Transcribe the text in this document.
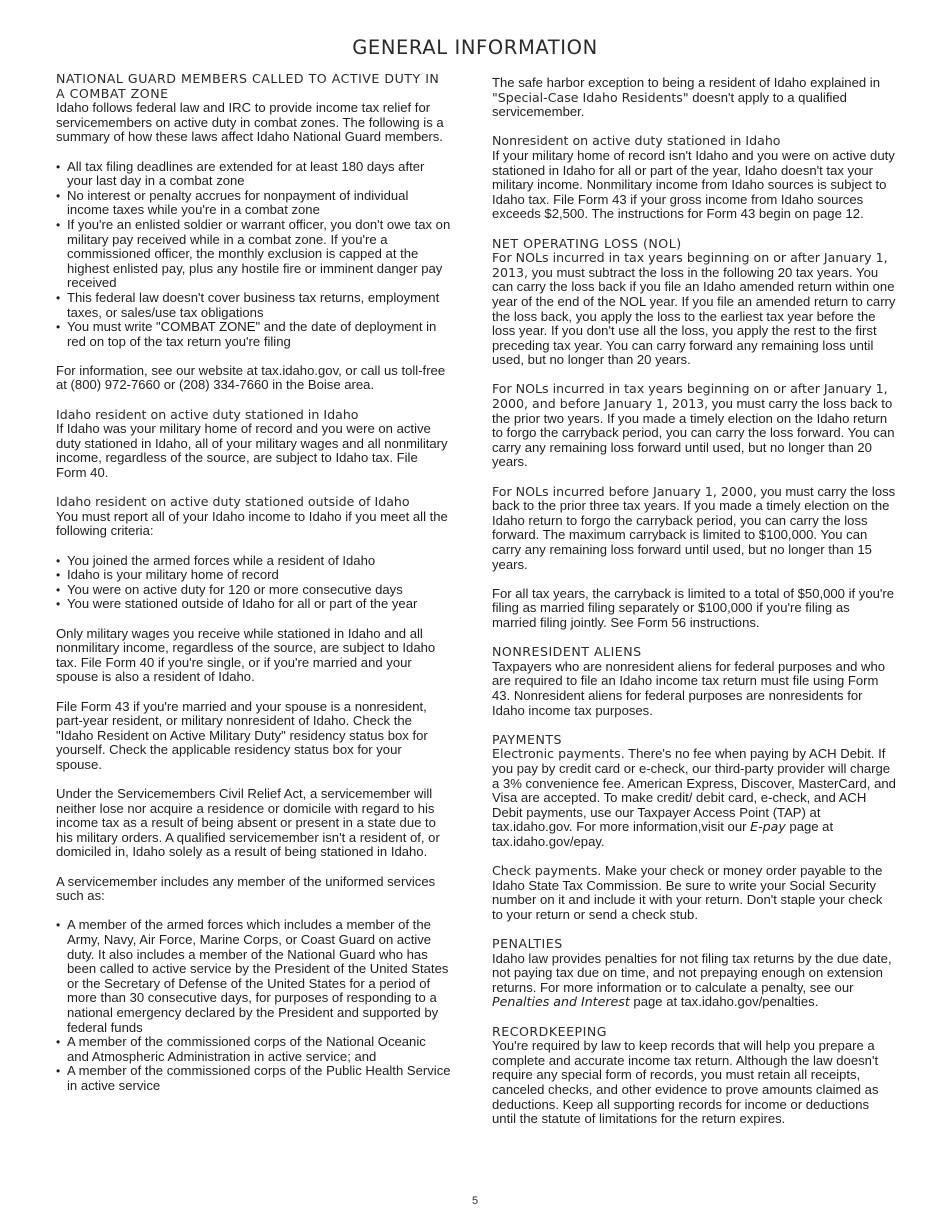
GENERAL INFORMATION
NATIONAL GUARD MEMBERS CALLED TO ACTIVE DUTY IN A COMBAT ZONE

Idaho follows federal law and IRC to provide income tax relief for servicemembers on active duty in combat zones. The following is a summary of how these laws affect Idaho National Guard members.

• All tax filing deadlines are extended for at least 180 days after your last day in a combat zone
• No interest or penalty accrues for nonpayment of individual income taxes while you're in a combat zone
• If you're an enlisted soldier or warrant officer, you don't owe tax on military pay received while in a combat zone. If you're a commissioned officer, the monthly exclusion is capped at the highest enlisted pay, plus any hostile fire or imminent danger pay received
• This federal law doesn't cover business tax returns, employment taxes, or sales/use tax obligations
• You must write "COMBAT ZONE" and the date of deployment in red on top of the tax return you're filing

For information, see our website at tax.idaho.gov, or call us toll-free at (800) 972-7660 or (208) 334-7660 in the Boise area.

Idaho resident on active duty stationed in Idaho

If Idaho was your military home of record and you were on active duty stationed in Idaho, all of your military wages and all nonmilitary income, regardless of the source, are subject to Idaho tax. File Form 40.

Idaho resident on active duty stationed outside of Idaho

You must report all of your Idaho income to Idaho if you meet all the following criteria:

• You joined the armed forces while a resident of Idaho
• Idaho is your military home of record
• You were on active duty for 120 or more consecutive days
• You were stationed outside of Idaho for all or part of the year

Only military wages you receive while stationed in Idaho and all nonmilitary income, regardless of the source, are subject to Idaho tax. File Form 40 if you're single, or if you're married and your spouse is also a resident of Idaho.

File Form 43 if you're married and your spouse is a nonresident, part-year resident, or military nonresident of Idaho. Check the "Idaho Resident on Active Military Duty" residency status box for yourself. Check the applicable residency status box for your spouse.

Under the Servicemembers Civil Relief Act, a servicemember will neither lose nor acquire a residence or domicile with regard to his income tax as a result of being absent or present in a state due to his military orders. A qualified servicemember isn't a resident of, or domiciled in, Idaho solely as a result of being stationed in Idaho.

A servicemember includes any member of the uniformed services such as:

• A member of the armed forces which includes a member of the Army, Navy, Air Force, Marine Corps, or Coast Guard on active duty. It also includes a member of the National Guard who has been called to active service by the President of the United States or the Secretary of Defense of the United States for a period of more than 30 consecutive days, for purposes of responding to a national emergency declared by the President and supported by federal funds
• A member of the commissioned corps of the National Oceanic and Atmospheric Administration in active service; and
• A member of the commissioned corps of the Public Health Service in active service

The safe harbor exception to being a resident of Idaho explained in "Special-Case Idaho Residents" doesn't apply to a qualified servicemember.

Nonresident on active duty stationed in Idaho

If your military home of record isn't Idaho and you were on active duty stationed in Idaho for all or part of the year, Idaho doesn't tax your military income. Nonmilitary income from Idaho sources is subject to Idaho tax. File Form 43 if your gross income from Idaho sources exceeds $2,500. The instructions for Form 43 begin on page 12.

NET OPERATING LOSS (NOL)

For NOLs incurred in tax years beginning on or after January 1, 2013, you must subtract the loss in the following 20 tax years. You can carry the loss back if you file an Idaho amended return within one year of the end of the NOL year. If you file an amended return to carry the loss back, you apply the loss to the earliest tax year before the loss year. If you don't use all the loss, you apply the rest to the first preceding tax year. You can carry forward any remaining loss until used, but no longer than 20 years.

For NOLs incurred in tax years beginning on or after January 1, 2000, and before January 1, 2013, you must carry the loss back to the prior two years. If you made a timely election on the Idaho return to forgo the carryback period, you can carry the loss forward. You can carry any remaining loss forward until used, but no longer than 20 years.

For NOLs incurred before January 1, 2000, you must carry the loss back to the prior three tax years. If you made a timely election on the Idaho return to forgo the carryback period, you can carry the loss forward. The maximum carryback is limited to $100,000. You can carry any remaining loss forward until used, but no longer than 15 years.

For all tax years, the carryback is limited to a total of $50,000 if you're filing as married filing separately or $100,000 if you're filing as married filing jointly. See Form 56 instructions.

NONRESIDENT ALIENS

Taxpayers who are nonresident aliens for federal purposes and who are required to file an Idaho income tax return must file using Form 43. Nonresident aliens for federal purposes are nonresidents for Idaho income tax purposes.

PAYMENTS

Electronic payments. There's no fee when paying by ACH Debit. If you pay by credit card or e-check, our third-party provider will charge a 3% convenience fee. American Express, Discover, MasterCard, and Visa are accepted. To make credit/ debit card, e-check, and ACH Debit payments, use our Taxpayer Access Point (TAP) at tax.idaho.gov. For more information,visit our E-pay page at tax.idaho.gov/epay.

Check payments. Make your check or money order payable to the Idaho State Tax Commission. Be sure to write your Social Security number on it and include it with your return. Don't staple your check to your return or send a check stub.

PENALTIES

Idaho law provides penalties for not filing tax returns by the due date, not paying tax due on time, and not prepaying enough on extension returns. For more information or to calculate a penalty, see our Penalties and Interest page at tax.idaho.gov/penalties.

RECORDKEEPING

You're required by law to keep records that will help you prepare a complete and accurate income tax return. Although the law doesn't require any special form of records, you must retain all receipts, canceled checks, and other evidence to prove amounts claimed as deductions. Keep all supporting records for income or deductions until the statute of limitations for the return expires.

5
